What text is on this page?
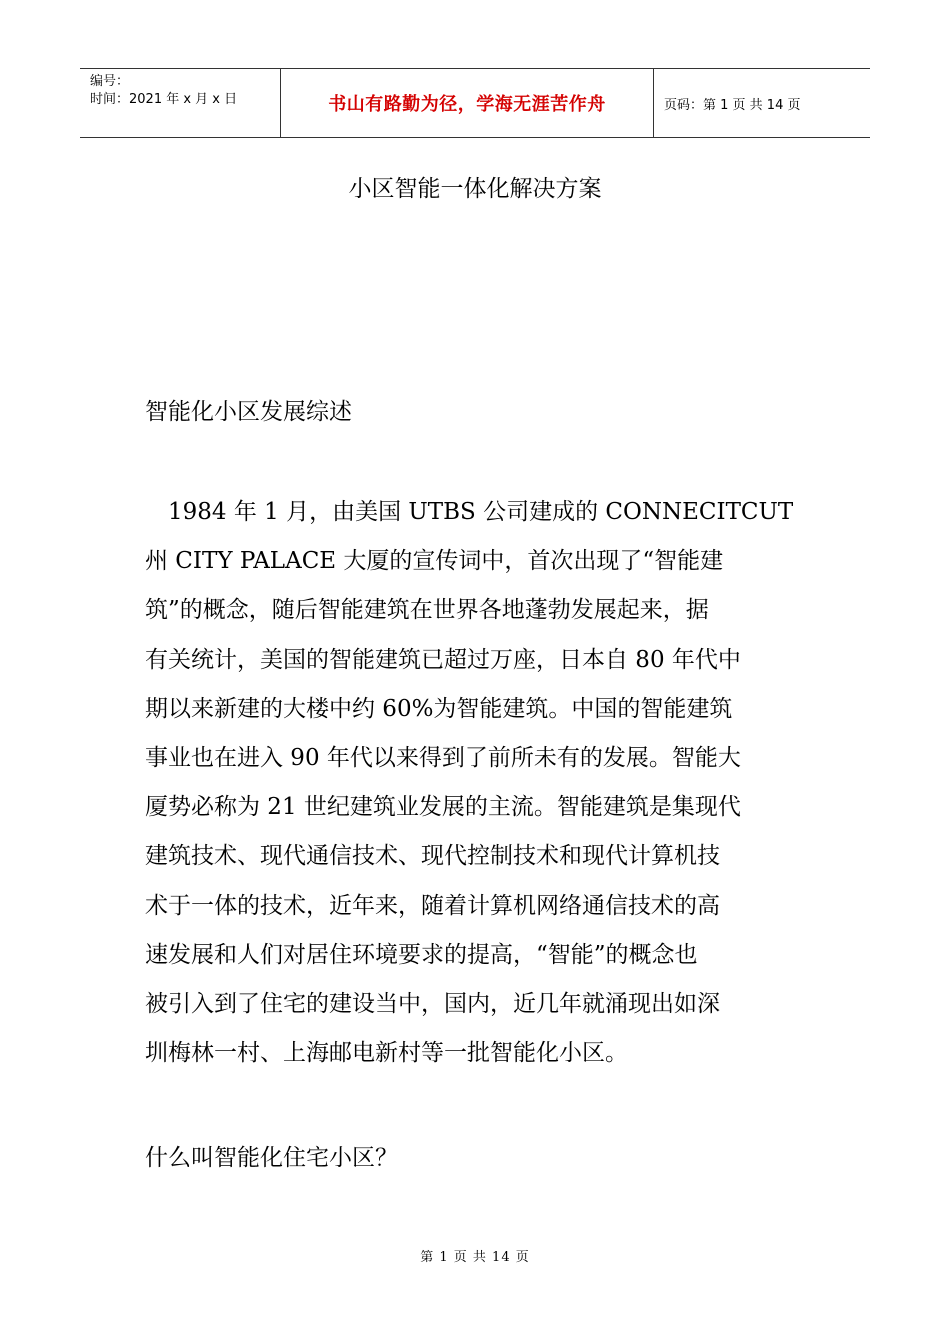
编号：
时间：2021 年 x 月 x 日	书山有路勤为径，学海无涯苦作舟	页码：第 1 页 共 14 页
小区智能一体化解决方案
智能化小区发展综述
　1984 年 1 月，由美国 UTBS 公司建成的 CONNECITCUT
州 CITY PALACE 大厦的宣传词中，首次出现了“智能建
筑”的概念，随后智能建筑在世界各地蓬勃发展起来，据
有关统计，美国的智能建筑已超过万座，日本自 80 年代中
期以来新建的大楼中约 60%为智能建筑。中国的智能建筑
事业也在进入 90 年代以来得到了前所未有的发展。智能大
厦势必称为 21 世纪建筑业发展的主流。智能建筑是集现代
建筑技术、现代通信技术、现代控制技术和现代计算机技
术于一体的技术，近年来，随着计算机网络通信技术的高
速发展和人们对居住环境要求的提高，“智能”的概念也
被引入到了住宅的建设当中，国内，近几年就涌现出如深
圳梅林一村、上海邮电新村等一批智能化小区。
什么叫智能化住宅小区？
第 1 页 共 14 页
